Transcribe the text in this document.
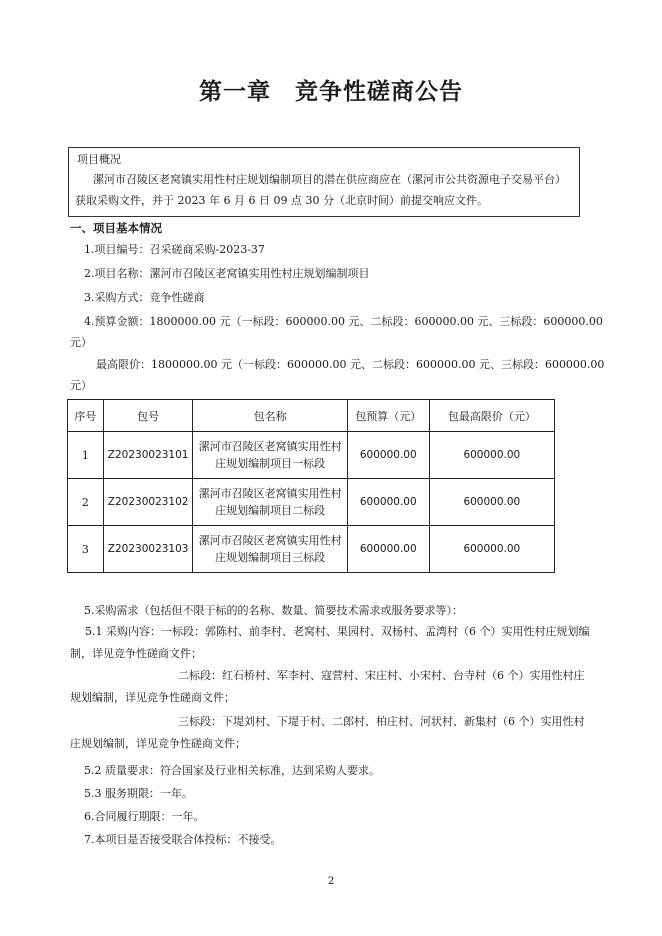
第一章　竞争性磋商公告
项目概况
漯河市召陵区老窝镇实用性村庄规划编制项目的潜在供应商应在（漯河市公共资源电子交易平台）获取采购文件，并于 2023 年 6 月 6 日 09 点 30 分（北京时间）前提交响应文件。
一、项目基本情况
1.项目编号：召采磋商采购-2023-37
2.项目名称：漯河市召陵区老窝镇实用性村庄规划编制项目
3.采购方式：竞争性磋商
4.预算金额：1800000.00 元（一标段：600000.00 元、二标段：600000.00 元、三标段：600000.00
元）
最高限价：1800000.00 元（一标段：600000.00 元、二标段：600000.00 元、三标段：600000.00
元）
序号	包号	包名称	包预算（元）	包最高限价（元）
1	Z20230023101	漯河市召陵区老窝镇实用性村庄规划编制项目一标段	600000.00	600000.00
2	Z20230023102	漯河市召陵区老窝镇实用性村庄规划编制项目二标段	600000.00	600000.00
3	Z20230023103	漯河市召陵区老窝镇实用性村庄规划编制项目三标段	600000.00	600000.00
5.采购需求（包括但不限于标的的名称、数量、简要技术需求或服务要求等）：
5.1 采购内容：一标段：郭陈村、前李村、老窝村、果园村、双杨村、孟湾村（6 个）实用性村庄规划编制，详见竞争性磋商文件；
二标段：红石桥村、军李村、寇营村、宋庄村、小宋村、台寺村（6 个）实用性村庄规划编制，详见竞争性磋商文件；
三标段：下堤刘村、下堤于村、二郎村、柏庄村、河状村、新集村（6 个）实用性村庄规划编制，详见竞争性磋商文件；
5.2 质量要求：符合国家及行业相关标准，达到采购人要求。
5.3 服务期限：一年。
6.合同履行期限：一年。
7.本项目是否接受联合体投标：不接受。
2
